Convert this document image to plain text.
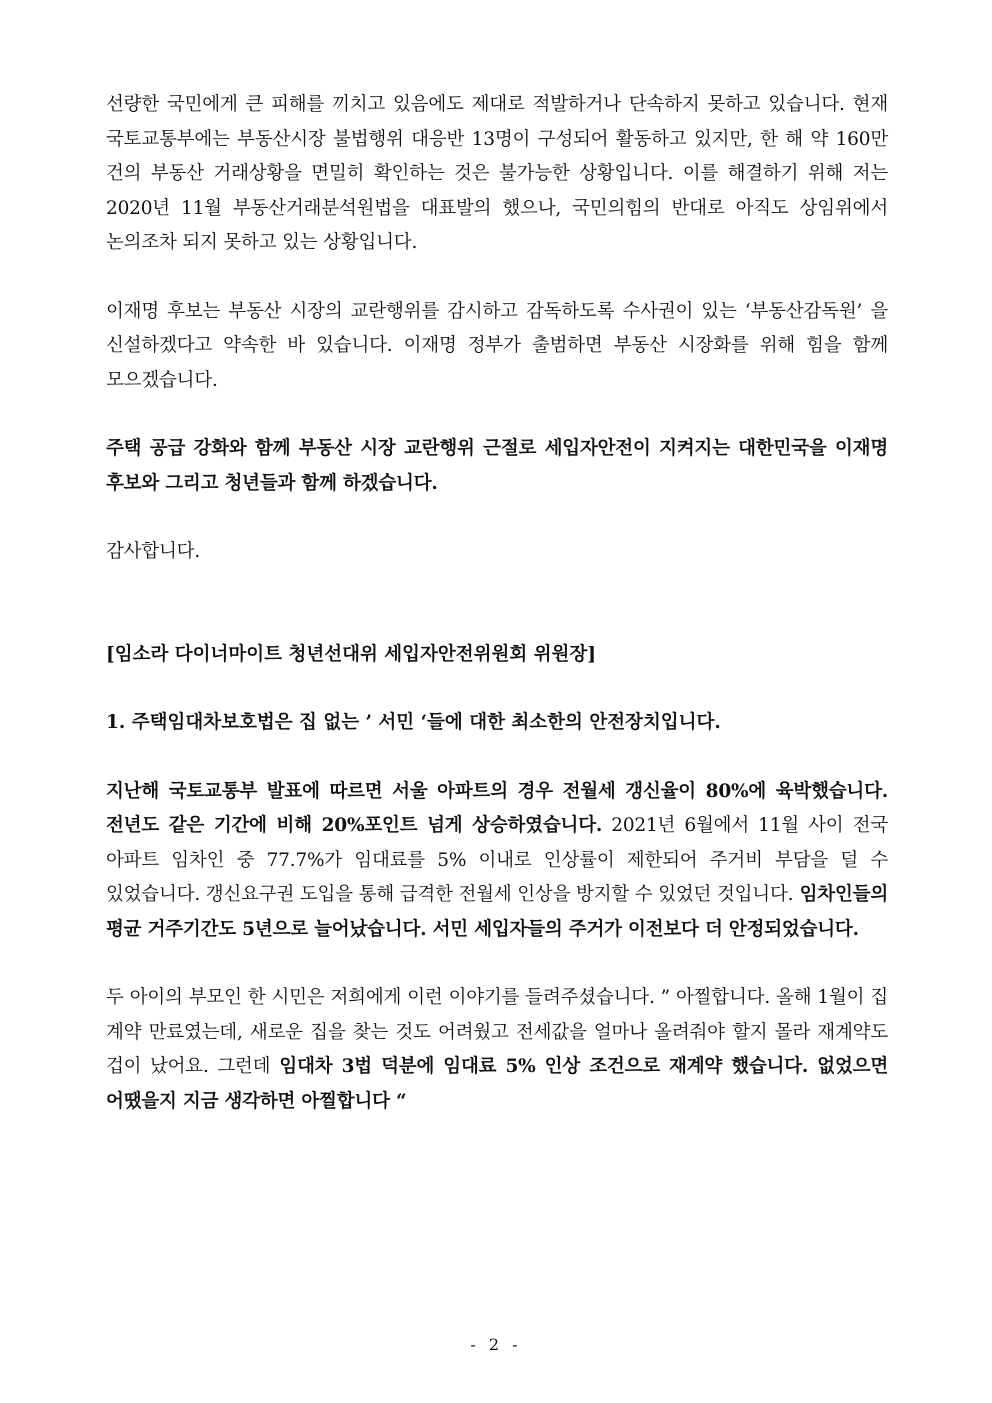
선량한 국민에게 큰 피해를 끼치고 있음에도 제대로 적발하거나 단속하지 못하고 있습니다. 현재 국토교통부에는 부동산시장 불법행위 대응반 13명이 구성되어 활동하고 있지만, 한 해 약 160만 건의 부동산 거래상황을 면밀히 확인하는 것은 불가능한 상황입니다. 이를 해결하기 위해 저는 2020년 11월 부동산거래분석원법을 대표발의 했으나, 국민의힘의 반대로 아직도 상임위에서 논의조차 되지 못하고 있는 상황입니다.

이재명 후보는 부동산 시장의 교란행위를 감시하고 감독하도록 수사권이 있는 ‘부동산감독원’ 을 신설하겠다고 약속한 바 있습니다. 이재명 정부가 출범하면 부동산 시장화를 위해 힘을 함께 모으겠습니다.

주택 공급 강화와 함께 부동산 시장 교란행위 근절로 세입자안전이 지켜지는 대한민국을 이재명 후보와 그리고 청년들과 함께 하겠습니다.

감사합니다.

[임소라 다이너마이트 청년선대위 세입자안전위원회 위원장]

1. 주택임대차보호법은 집 없는 ’ 서민 ‘들에 대한 최소한의 안전장치입니다.

지난해 국토교통부 발표에 따르면 서울 아파트의 경우 전월세 갱신율이 80%에 육박했습니다. 전년도 같은 기간에 비해 20%포인트 넘게 상승하였습니다. 2021년 6월에서 11월 사이 전국 아파트 임차인 중 77.7%가 임대료를 5% 이내로 인상률이 제한되어 주거비 부담을 덜 수 있었습니다. 갱신요구권 도입을 통해 급격한 전월세 인상을 방지할 수 있었던 것입니다. 임차인들의 평균 거주기간도 5년으로 늘어났습니다. 서민 세입자들의 주거가 이전보다 더 안정되었습니다.

두 아이의 부모인 한 시민은 저희에게 이런 이야기를 들려주셨습니다. ” 아찔합니다. 올해 1월이 집 계약 만료였는데, 새로운 집을 찾는 것도 어려웠고 전세값을 얼마나 올려줘야 할지 몰라 재계약도 겁이 났어요. 그런데 임대차 3법 덕분에 임대료 5% 인상 조건으로 재계약 했습니다. 없었으면 어땠을지 지금 생각하면 아찔합니다 “

- 2 -
